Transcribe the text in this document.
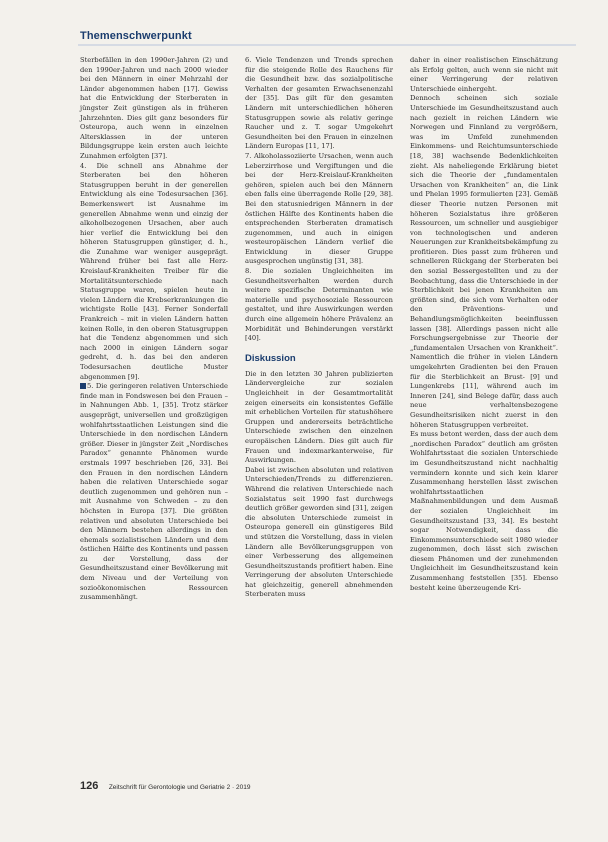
Themenschwerpunkt

Sterbefällen in den 1990er-Jahren (2) und den 1990er-Jahren und nach 2000 wieder bei den Männern in einer Mehrzahl der Länder abgenommen haben [17]. Gewiss hat die Entwicklung der Sterberaten in jüngster Zeit günstigen als in früheren Jahrzehnten. Dies gilt ganz besonders für Osteuropa, auch wenn in einzelnen Altersklassen in der unteren Bildungsgruppe kein ersten auch leichte Zunahmen erfolgten [37].

4. Die schnell ans Abnahme der Sterberaten bei den höheren Statusgruppen beruht in der generellen Entwicklung als eine Todesursachen [36]. Bemerkenswert ist Ausnahme im generellen Abnahme wenn und einzig der alkoholbezogenen Ursachen, aber auch hier verlief die Entwicklung bei den höheren Statusgruppen günstiger, d. h., die Zunahme war weniger ausgeprägt. Während früher bei fast alle Herz-Kreislauf-Krankheiten Treiber für die Mortalitätsunterschiede nach Statusgruppe waren, spielen heute in vielen Ländern die Krebserkrankungen die wichtigste Rolle [43]. Ferner Sonderfall Frankreich – mit in vielen Ländern hatten keinen Rolle, in den oberen Statusgruppen hat die Tendenz abgenommen und sich nach 2000 in einigen Ländern sogar gedreht, d. h. das bei den anderen Todesursachen deutliche Muster abgenommen [9].

5. Die geringeren relativen Unterschiede finde man in Fondswesen bei den Frauen – in Nahnungen Abb. 1, [35]. Trotz stärker ausgeprägt, universellen und großzügigen wohlfahrtsstaatlichen Leistungen sind die Unterschiede in den nordischen Ländern größer. Dieser in jüngster Zeit „Nordisches Paradox“ genannte Phänomen wurde erstmals 1997 beschrieben [26, 33]. Bei den Frauen in den nordischen Ländern haben die relativen Unterschiede sogar deutlich zugenommen und gehören nun – mit Ausnahme von Schweden – zu den höchsten in Europa [37]. Die größten relativen und absoluten Unterschiede bei den Männern bestehen allerdings in den ehemals sozialistischen Ländern und dem östlichen Hälfte des Kontinents und passen zu der Vorstellung, dass der Gesundheitszustand einer Bevölkerung mit dem Niveau und der Verteilung von sozioökonomischen Ressourcen zusammenhängt.

6. Viele Tendenzen und Trends sprechen für die steigende Rolle des Rauchens für die Gesundheit bzw. das sozialpolitische Verhalten der gesamten Erwachsenenzahl der [35]. Das gilt für den gesamten Ländern mit unterschiedlichen höheren Statusgruppen sowie als relativ geringe Raucher und z. T. sogar Umgekehrt Gesundheiten bei den Frauen in einzelnen Ländern Europas [11, 17].

7. Alkoholassoziierte Ursachen, wenn auch Leberzirrhose und Vergiftungen und die bei der Herz-Kreislauf-Krankheiten gehören, spielen auch bei den Männern eben falls eine überragende Rolle [29, 38]. Bei den statusniedrigen Männern in der östlichen Hälfte des Kontinents haben die entsprechenden Sterberaten dramatisch zugenommen, und auch in einigen westeuropäischen Ländern verlief die Entwicklung in dieser Gruppe ausgesprochen ungünstig [31, 38].

8. Die sozialen Ungleichheiten im Gesundheitsverhalten werden durch weitere spezifische Determinanten wie materielle und psychosoziale Ressourcen gestaltet, und ihre Auswirkungen werden durch eine allgemein höhere Prävalenz an Morbidität und Behinderungen verstärkt [40].

Diskussion

Die in den letzten 30 Jahren publizierten Ländervergleiche zur sozialen Ungleichheit in der Gesamtmortalität zeigen einerseits ein konsistentes Gefälle mit erheblichen Vorteilen für statushöhere Gruppen und andererseits beträchtliche Unterschiede zwischen den einzelnen europäischen Ländern. Dies gilt auch für Frauen und indexmarkanterweise, für Auswirkungen.

Dabei ist zwischen absoluten und relativen Unterschieden/Trends zu differenzieren. Während die relativen Unterschiede nach Sozialstatus seit 1990 fast durchwegs deutlich größer geworden sind [31], zeigen die absoluten Unterschiede zumeist in Osteuropa generell ein günstigeres Bild und stützen die Vorstellung, dass in vielen Ländern alle Bevölkerungsgruppen von einer Verbesserung des allgemeinen Gesundheitszustands profitiert haben. Eine Verringerung der absoluten Unterschiede hat gleichzeitig, generell abnehmenden Sterberaten muss

daher in einer realistischen Einschätzung als Erfolg gelten, auch wenn sie nicht mit einer Verringerung der relativen Unterschiede einhergeht.

Dennoch scheinen sich soziale Unterschiede im Gesundheitszustand auch nach gezielt in reichen Ländern wie Norwegen und Finnland zu vergrößern, was im Umfeld zunehmenden Einkommens- und Reichtumsunterschiede [18, 38] wachsende Bedenklichkeiten zieht. Als naheliegende Erklärung bietet sich die Theorie der „fundamentalen Ursachen von Krankheiten“ an, die Link und Phelan 1995 formulierten [23]. Gemäß dieser Theorie nutzen Personen mit höheren Sozialstatus ihre größeren Ressourcen, um schneller und ausgiebiger von technologischen und anderen Neuerungen zur Krankheitsbekämpfung zu profitieren. Dies passt zum früheren und schnelleren Rückgang der Sterberaten bei den sozial Bessergestellten und zu der Beobachtung, dass die Unterschiede in der Sterblichkeit bei jenen Krankheiten am größten sind, die sich vom Verhalten oder den Präventions- und Behandlungsmöglichkeiten beeinflussen lassen [38]. Allerdings passen nicht alle Forschungsergebnisse zur Theorie der „fundamentalen Ursachen von Krankheit“. Namentlich die früher in vielen Ländern umgekehrten Gradienten bei den Frauen für die Sterblichkeit an Brust- [9] und Lungenkrebs [11], während auch im Inneren [24], sind Belege dafür, dass auch neue verhaltensbezogene Gesundheitsrisiken nicht zuerst in den höheren Statusgruppen verbreitet.

Es muss betont werden, dass der auch dem „nordischen Paradox“ deutlich am grösten Wohlfahrtsstaat die sozialen Unterschiede im Gesundheitszustand nicht nachhaltig vermindern konnte und sich kein klarer Zusammenhang herstellen lässt zwischen wohlfahrtsstaatlichen Maßnahmenbildungen und dem Ausmaß der sozialen Ungleichheit im Gesundheitszustand [33, 34]. Es besteht sogar Notwendigkeit, dass die Einkommensunterschiede seit 1980 wieder zugenommen, doch lässt sich zwischen diesem Phänomen und der zunehmenden Ungleichheit im Gesundheitszustand kein Zusammenhang feststellen [35]. Ebenso besteht keine überzeugende Kri-

126 Zeitschrift für Gerontologie und Geriatrie 2 · 2019
